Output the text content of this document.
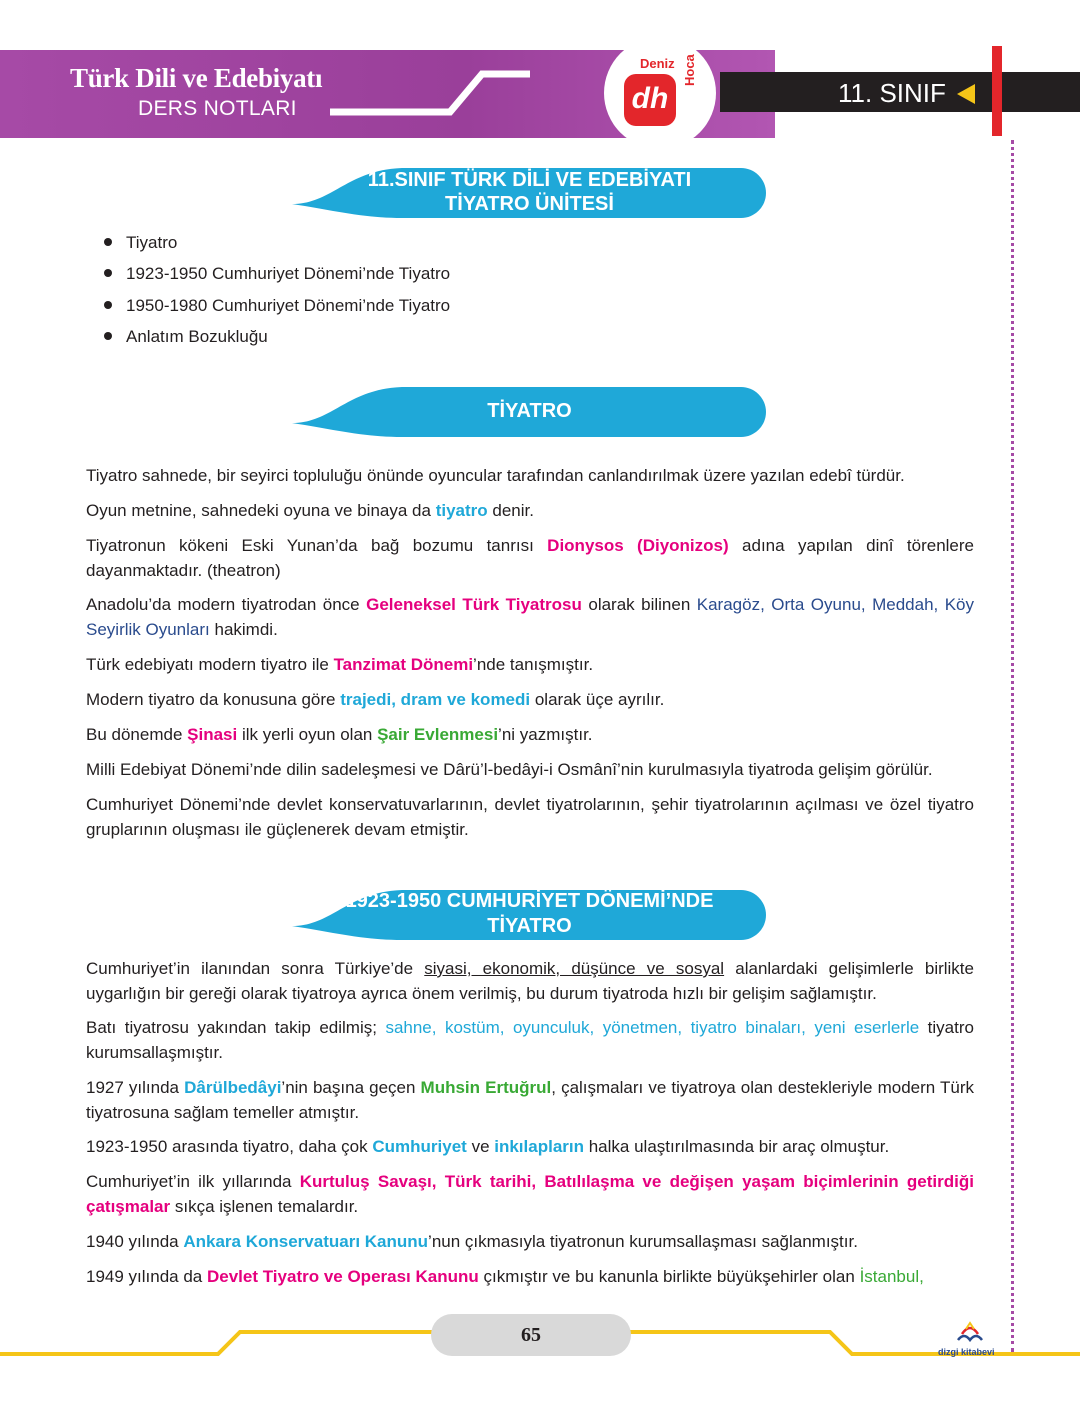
Türk Dili ve Edebiyatı
DERS NOTLARI
Deniz
dh
Hoca
11. SINIF
11.SINIF TÜRK DİLİ VE EDEBİYATI
TİYATRO ÜNİTESİ
Tiyatro
1923-1950 Cumhuriyet Dönemi’nde Tiyatro
1950-1980 Cumhuriyet Dönemi’nde Tiyatro
Anlatım Bozukluğu
TİYATRO

Tiyatro sahnede, bir seyirci topluluğu önünde oyuncular tarafından canlandırılmak üzere yazılan edebî türdür.

Oyun metnine, sahnedeki oyuna ve binaya da tiyatro denir.

Tiyatronun kökeni Eski Yunan’da bağ bozumu tanrısı Dionysos (Diyonizos) adına yapılan dinî törenlere dayanmaktadır. (theatron)

Anadolu’da modern tiyatrodan önce Geleneksel Türk Tiyatrosu olarak bilinen Karagöz, Orta Oyunu, Meddah, Köy Seyirlik Oyunları hakimdi.

Türk edebiyatı modern tiyatro ile Tanzimat Dönemi’nde tanışmıştır.

Modern tiyatro da konusuna göre trajedi, dram ve komedi olarak üçe ayrılır.

Bu dönemde Şinasi ilk yerli oyun olan Şair Evlenmesi’ni yazmıştır.

Milli Edebiyat Dönemi’nde dilin sadeleşmesi ve Dârü’l-bedâyi-i Osmânî’nin kurulmasıyla tiyatroda gelişim görülür.

Cumhuriyet Dönemi’nde devlet konservatuvarlarının, devlet tiyatrolarının, şehir tiyatrolarının açılması ve özel tiyatro gruplarının oluşması ile güçlenerek devam etmiştir.

1923-1950 CUMHURİYET DÖNEMİ’NDE
TİYATRO

Cumhuriyet’in ilanından sonra Türkiye’de siyasi, ekonomik, düşünce ve sosyal alanlardaki gelişimlerle birlikte uygarlığın bir gereği olarak tiyatroya ayrıca önem verilmiş, bu durum tiyatroda hızlı bir gelişim sağlamıştır.

Batı tiyatrosu yakından takip edilmiş; sahne, kostüm, oyunculuk, yönetmen, tiyatro binaları, yeni eserlerle tiyatro kurumsallaşmıştır.

1927 yılında Dârülbedâyi’nin başına geçen Muhsin Ertuğrul, çalışmaları ve tiyatroya olan destekleriyle modern Türk tiyatrosuna sağlam temeller atmıştır.

1923-1950 arasında tiyatro, daha çok Cumhuriyet ve inkılapların halka ulaştırılmasında bir araç olmuştur.

Cumhuriyet’in ilk yıllarında Kurtuluş Savaşı, Türk tarihi, Batılılaşma ve değişen yaşam biçimlerinin getirdiği çatışmalar sıkça işlenen temalardır.

1940 yılında Ankara Konservatuarı Kanunu’nun çıkmasıyla tiyatronun kurumsallaşması sağlanmıştır.

1949 yılında da Devlet Tiyatro ve Operası Kanunu çıkmıştır ve bu kanunla birlikte büyükşehirler olan İstanbul,

65
dizgi kitabevi
